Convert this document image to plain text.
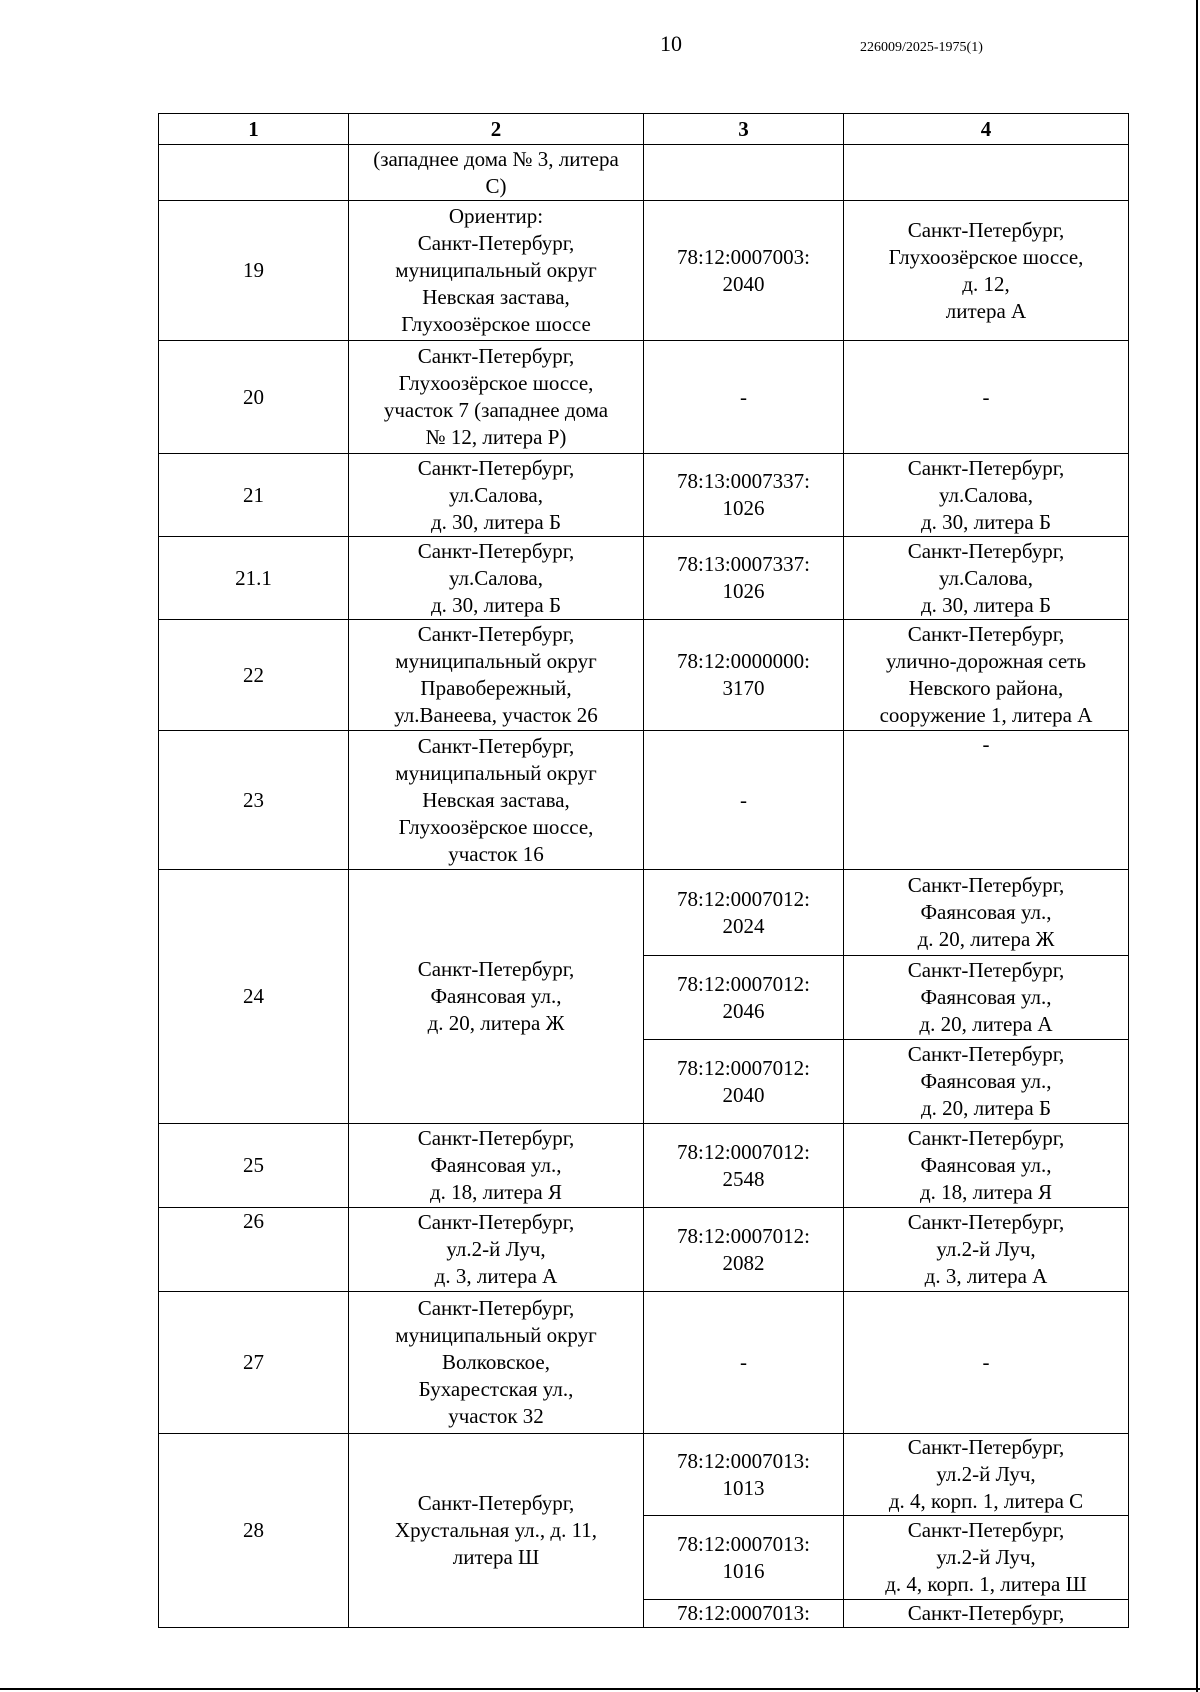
10	226009/2025-1975(1)
1	2	3	4
	(западнее дома № 3, литера
С)		
19	Ориентир:
Санкт-Петербург,
муниципальный округ
Невская застава,
Глухоозёрское шоссе	78:12:0007003:
2040	Санкт-Петербург,
Глухоозёрское шоссе,
д. 12,
литера А
20	Санкт-Петербург,
Глухоозёрское шоссе,
участок 7 (западнее дома
№ 12, литера Р)	-	-
21	Санкт-Петербург,
ул.Салова,
д. 30, литера Б	78:13:0007337:
1026	Санкт-Петербург,
ул.Салова,
д. 30, литера Б
21.1	Санкт-Петербург,
ул.Салова,
д. 30, литера Б	78:13:0007337:
1026	Санкт-Петербург,
ул.Салова,
д. 30, литера Б
22	Санкт-Петербург,
муниципальный округ
Правобережный,
ул.Ванеева, участок 26	78:12:0000000:
3170	Санкт-Петербург,
улично-дорожная сеть
Невского района,
сооружение 1, литера А
23	Санкт-Петербург,
муниципальный округ
Невская застава,
Глухоозёрское шоссе,
участок 16	-	-
24	Санкт-Петербург,
Фаянсовая ул.,
д. 20, литера Ж	78:12:0007012:
2024	Санкт-Петербург,
Фаянсовая ул.,
д. 20, литера Ж
		78:12:0007012:
2046	Санкт-Петербург,
Фаянсовая ул.,
д. 20, литера А
		78:12:0007012:
2040	Санкт-Петербург,
Фаянсовая ул.,
д. 20, литера Б
25	Санкт-Петербург,
Фаянсовая ул.,
д. 18, литера Я	78:12:0007012:
2548	Санкт-Петербург,
Фаянсовая ул.,
д. 18, литера Я
26	Санкт-Петербург,
ул.2-й Луч,
д. 3, литера А	78:12:0007012:
2082	Санкт-Петербург,
ул.2-й Луч,
д. 3, литера А
27	Санкт-Петербург,
муниципальный округ
Волковское,
Бухарестская ул.,
участок 32	-	-
28	Санкт-Петербург,
Хрустальная ул., д. 11,
литера Ш	78:12:0007013:
1013	Санкт-Петербург,
ул.2-й Луч,
д. 4, корп. 1, литера С
		78:12:0007013:
1016	Санкт-Петербург,
ул.2-й Луч,
д. 4, корп. 1, литера Ш
		78:12:0007013:	Санкт-Петербург,
